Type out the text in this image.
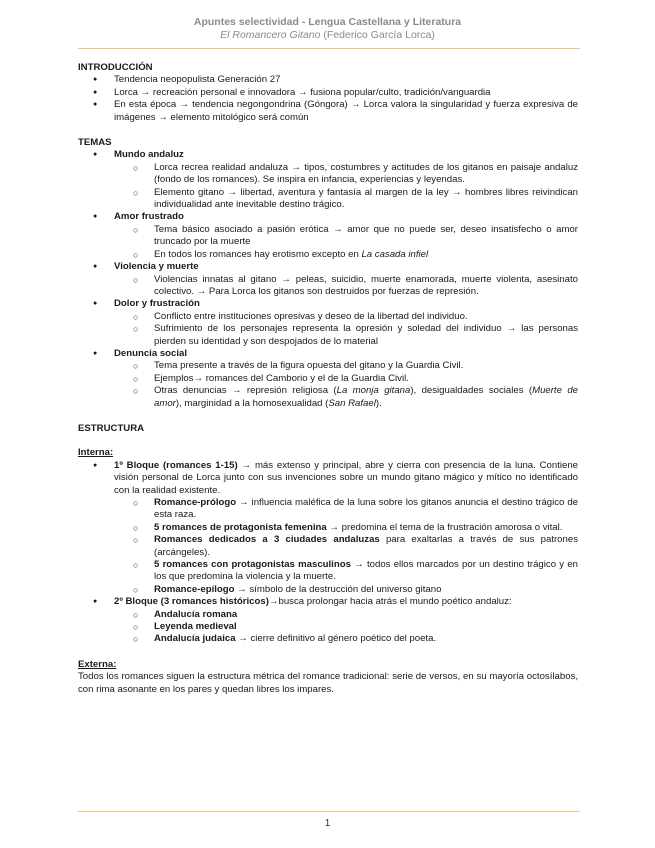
Apuntes selectividad - Lengua Castellana y Literatura
El Romancero Gitano (Federico García Lorca)

INTRODUCCIÓN

● Tendencia neopopulista Generación 27
● Lorca → recreación personal e innovadora → fusiona popular/culto, tradición/vanguardia
● En esta época → tendencia negongondrina (Góngora) → Lorca valora la singularidad y fuerza expresiva de imágenes → elemento mitológico será común

TEMAS

● Mundo andaluz
○ Lorca recrea realidad andaluza → tipos, costumbres y actitudes de los gitanos en paisaje andaluz (fondo de los romances). Se inspira en infancia, experiencias y leyendas.
○ Elemento gitano → libertad, aventura y fantasía al margen de la ley → hombres libres reivindican individualidad ante inevitable destino trágico.
● Amor frustrado
○ Tema básico asociado a pasión erótica → amor que no puede ser, deseo insatisfecho o amor truncado por la muerte
○ En todos los romances hay erotismo excepto en La casada infiel
● Violencia y muerte
○ Violencias innatas al gitano → peleas, suicidio, muerte enamorada, muerte violenta, asesinato colectivo. → Para Lorca los gitanos son destruidos por fuerzas de represión.
● Dolor y frustración
○ Conflicto entre instituciones opresivas y deseo de la libertad del individuo.
○ Sufrimiento de los personajes representa la opresión y soledad del individuo → las personas pierden su identidad y son despojados de lo material
● Denuncia social
○ Tema presente a través de la figura opuesta del gitano y la Guardia Civil.
○ Ejemplos→ romances del Camborio y el de la Guardia Civil.
○ Otras denuncias → represión religiosa (La monja gitana), desigualdades sociales (Muerte de amor), marginidad a la homosexualidad (San Rafael).

ESTRUCTURA

Interna:

● 1º Bloque (romances 1-15) → más extenso y principal, abre y cierra con presencia de la luna. Contiene visión personal de Lorca junto con sus invenciones sobre un mundo gitano mágico y mítico no identificado con la realidad existente.
○ Romance-prólogo → influencia maléfica de la luna sobre los gitanos anuncia el destino trágico de esta raza.
○ 5 romances de protagonista femenina → predomina el tema de la frustración amorosa o vital.
○ Romances dedicados a 3 ciudades andaluzas para exaltarlas a través de sus patrones (arcángeles).
○ 5 romances con protagonistas masculinos → todos ellos marcados por un destino trágico y en los que predomina la violencia y la muerte.
○ Romance-epílogo → símbolo de la destrucción del universo gitano
● 2º Bloque (3 romances históricos)→busca prolongar hacia atrás el mundo poético andaluz:
○ Andalucía romana
○ Leyenda medieval
○ Andalucía judaica → cierre definitivo al género poético del poeta.

Externa:

Todos los romances siguen la estructura métrica del romance tradicional: serie de versos, en su mayoría octosílabos, con rima asonante en los pares y quedan libres los impares.

1
